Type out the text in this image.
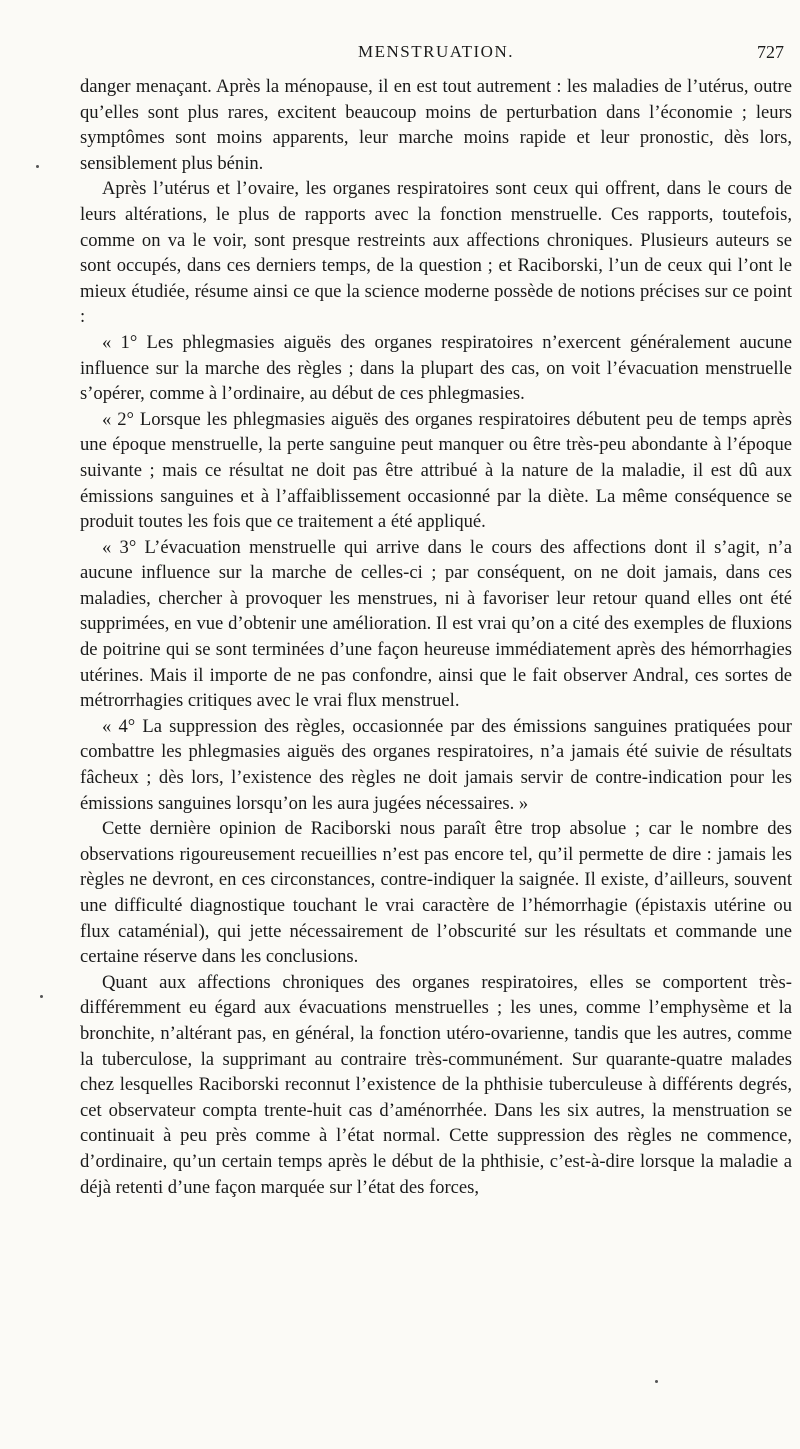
MENSTRUATION.	727

danger menaçant. Après la ménopause, il en est tout autrement : les maladies de l’utérus, outre qu’elles sont plus rares, excitent beaucoup moins de perturbation dans l’économie ; leurs symptômes sont moins apparents, leur marche moins rapide et leur pronostic, dès lors, sensiblement plus bénin.

Après l’utérus et l’ovaire, les organes respiratoires sont ceux qui offrent, dans le cours de leurs altérations, le plus de rapports avec la fonction menstruelle. Ces rapports, toutefois, comme on va le voir, sont presque restreints aux affections chroniques. Plusieurs auteurs se sont occupés, dans ces derniers temps, de la question ; et Raciborski, l’un de ceux qui l’ont le mieux étudiée, résume ainsi ce que la science moderne possède de notions précises sur ce point :

« 1° Les phlegmasies aiguës des organes respiratoires n’exercent généralement aucune influence sur la marche des règles ; dans la plupart des cas, on voit l’évacuation menstruelle s’opérer, comme à l’ordinaire, au début de ces phlegmasies.

« 2° Lorsque les phlegmasies aiguës des organes respiratoires débutent peu de temps après une époque menstruelle, la perte sanguine peut manquer ou être très-peu abondante à l’époque suivante ; mais ce résultat ne doit pas être attribué à la nature de la maladie, il est dû aux émissions sanguines et à l’affaiblissement occasionné par la diète. La même conséquence se produit toutes les fois que ce traitement a été appliqué.

« 3° L’évacuation menstruelle qui arrive dans le cours des affections dont il s’agit, n’a aucune influence sur la marche de celles-ci ; par conséquent, on ne doit jamais, dans ces maladies, chercher à provoquer les menstrues, ni à favoriser leur retour quand elles ont été supprimées, en vue d’obtenir une amélioration. Il est vrai qu’on a cité des exemples de fluxions de poitrine qui se sont terminées d’une façon heureuse immédiatement après des hémorrhagies utérines. Mais il importe de ne pas confondre, ainsi que le fait observer Andral, ces sortes de métrorrhagies critiques avec le vrai flux menstruel.

« 4° La suppression des règles, occasionnée par des émissions sanguines pratiquées pour combattre les phlegmasies aiguës des organes respiratoires, n’a jamais été suivie de résultats fâcheux ; dès lors, l’existence des règles ne doit jamais servir de contre-indication pour les émissions sanguines lorsqu’on les aura jugées nécessaires. »

Cette dernière opinion de Raciborski nous paraît être trop absolue ; car le nombre des observations rigoureusement recueillies n’est pas encore tel, qu’il permette de dire : jamais les règles ne devront, en ces circonstances, contre-indiquer la saignée. Il existe, d’ailleurs, souvent une difficulté diagnostique touchant le vrai caractère de l’hémorrhagie (épistaxis utérine ou flux cataménial), qui jette nécessairement de l’obscurité sur les résultats et commande une certaine réserve dans les conclusions.

Quant aux affections chroniques des organes respiratoires, elles se comportent très-différemment eu égard aux évacuations menstruelles ; les unes, comme l’emphysème et la bronchite, n’altérant pas, en général, la fonction utéro-ovarienne, tandis que les autres, comme la tuberculose, la supprimant au contraire très-communément. Sur quarante-quatre malades chez lesquelles Raciborski reconnut l’existence de la phthisie tuberculeuse à différents degrés, cet observateur compta trente-huit cas d’aménorrhée. Dans les six autres, la menstruation se continuait à peu près comme à l’état normal. Cette suppression des règles ne commence, d’ordinaire, qu’un certain temps après le début de la phthisie, c’est-à-dire lorsque la maladie a déjà retenti d’une façon marquée sur l’état des forces,
